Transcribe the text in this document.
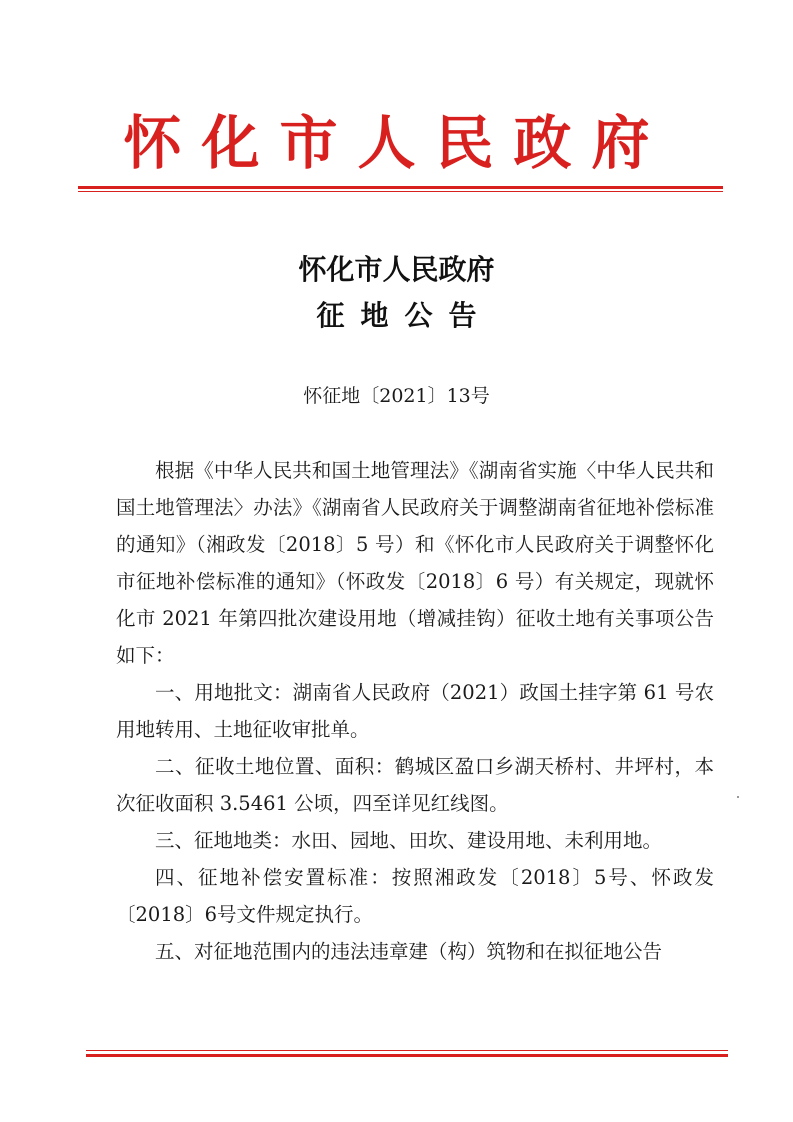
怀化市人民政府
怀化市人民政府
征地公告
怀征地〔2021〕13号

根据《中华人民共和国土地管理法》《湖南省实施〈中华人民共和国土地管理法〉办法》《湖南省人民政府关于调整湖南省征地补偿标准的通知》（湘政发〔2018〕5 号）和《怀化市人民政府关于调整怀化市征地补偿标准的通知》（怀政发〔2018〕6 号）有关规定，现就怀化市 2021 年第四批次建设用地（增减挂钩）征收土地有关事项公告如下：

一、用地批文：湖南省人民政府（2021）政国土挂字第 61 号农用地转用、土地征收审批单。

二、征收土地位置、面积：鹤城区盈口乡湖天桥村、井坪村，本次征收面积 3.5461 公顷，四至详见红线图。

三、征地地类：水田、园地、田坎、建设用地、未利用地。

四、征地补偿安置标准：按照湘政发〔2018〕5号、怀政发〔2018〕6号文件规定执行。

五、对征地范围内的违法违章建（构）筑物和在拟征地公告
